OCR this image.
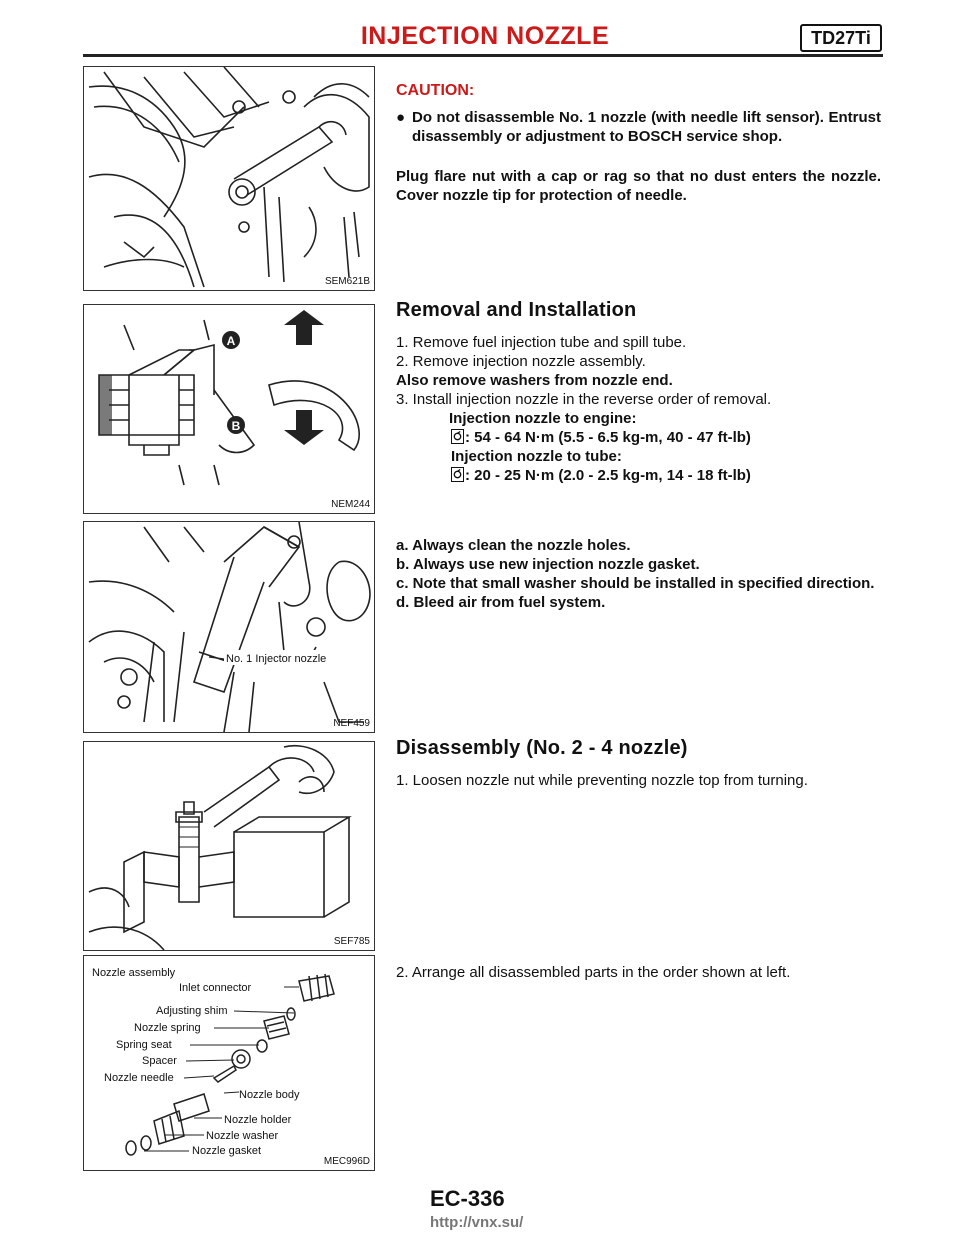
INJECTION NOZZLE	TD27Ti
SEM621B
A
B
NEM244
No. 1 Injector nozzle
NEF459
SEF785
Nozzle assembly
Inlet connector
Adjusting shim
Nozzle spring
Spring seat
Spacer
Nozzle needle
Nozzle body
Nozzle holder
Nozzle washer
Nozzle gasket
MEC996D
CAUTION:
● Do not disassemble No. 1 nozzle (with needle lift sensor). Entrust disassembly or adjustment to BOSCH service shop.
Plug flare nut with a cap or rag so that no dust enters the nozzle. Cover nozzle tip for protection of needle.
Removal and Installation
1. Remove fuel injection tube and spill tube.
2. Remove injection nozzle assembly.
Also remove washers from nozzle end.
3. Install injection nozzle in the reverse order of removal.
Injection nozzle to engine:
: 54 - 64 N·m (5.5 - 6.5 kg-m, 40 - 47 ft-lb)
Injection nozzle to tube:
: 20 - 25 N·m (2.0 - 2.5 kg-m, 14 - 18 ft-lb)
a. Always clean the nozzle holes.
b. Always use new injection nozzle gasket.
c. Note that small washer should be installed in specified direction.
d. Bleed air from fuel system.
Disassembly (No. 2 - 4 nozzle)
1. Loosen nozzle nut while preventing nozzle top from turning.
2. Arrange all disassembled parts in the order shown at left.
EC-336
http://vnx.su/
